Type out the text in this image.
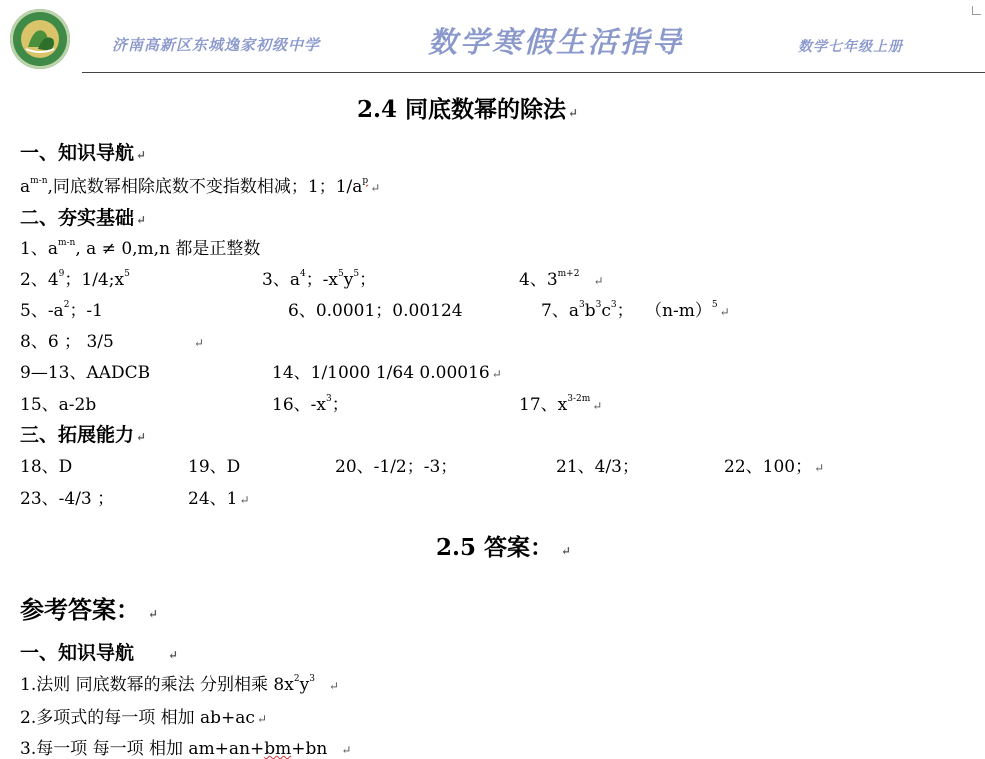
济南高新区东城逸家初级中学	数学寒假生活指导	数学七年级上册
2.4 同底数幂的除法 ↵
一、知识导航 ↵
$a^{m-n}$,同底数幂相除底数不变指数相减；1；$1/a^p$ ↵
二、夯实基础 ↵
1、$a^{m-n}$, a ≠ 0,m,n 都是正整数
2、$4^9$；$1/4;x^5$	3、$a^4$；$-x^5y^5$；	4、$3^{m+2}$ ↵
5、$-a^2$；-1	6、0.0001；0.00124	7、$a^3b^3c^3$； $(n-m)^5$ ↵
8、6 ； 3/5	↵
9—13、AADCB	14、1/1000 1/64 0.00016 ↵
15、a-2b	16、$-x^3$；	17、$x^{3-2m}$ ↵
三、拓展能力 ↵
18、D	19、D	20、-1/2；-3；	21、4/3；	22、100； ↵
23、-4/3 ；	24、1 ↵
2.5 答案： ↵
参考答案： ↵
一、知识导航	↵
1.法则 同底数幂的乘法 分别相乘 $8x^2y^3$ ↵
2.多项式的每一项 相加 ab+ac ↵
3.每一项 每一项 相加 am+an+bm+bn ↵
